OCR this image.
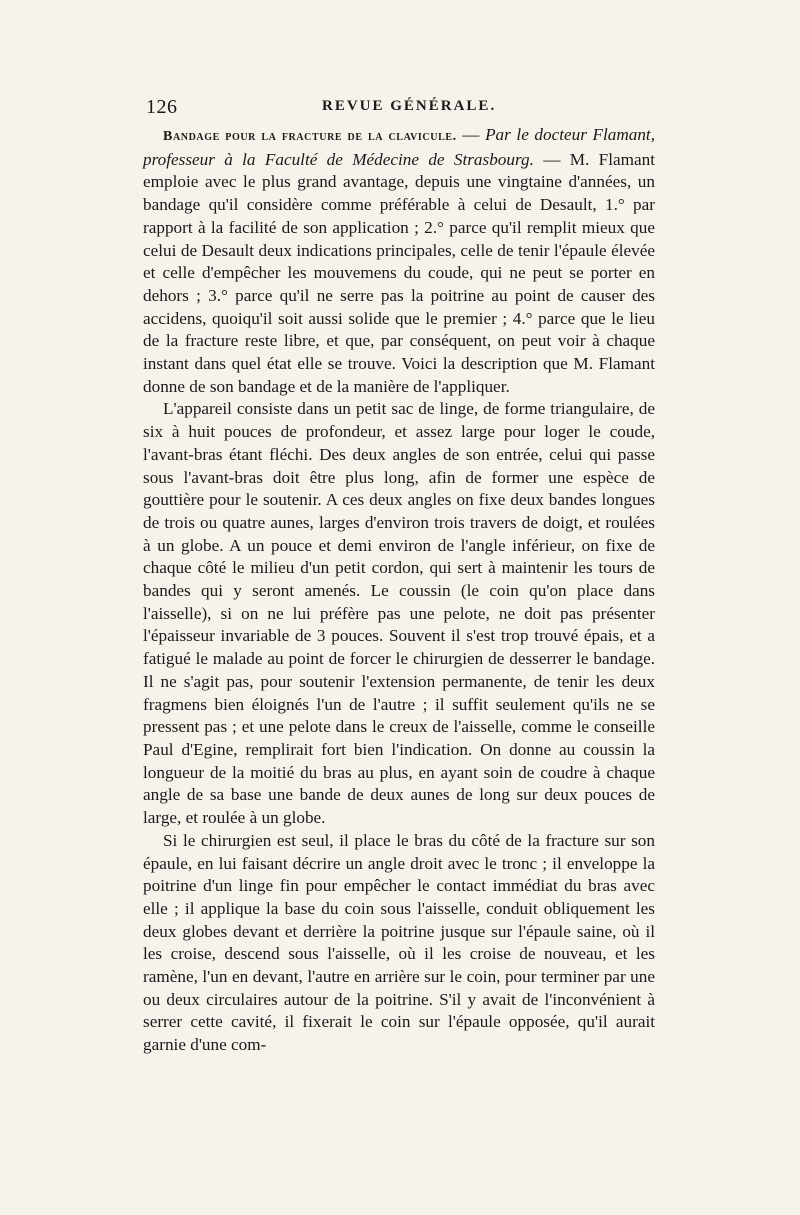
126	REVUE GÉNÉRALE.

Bandage pour la fracture de la clavicule. — Par le docteur Flamant, professeur à la Faculté de Médecine de Strasbourg. — M. Flamant emploie avec le plus grand avantage, depuis une vingtaine d'années, un bandage qu'il considère comme préférable à celui de Desault, 1.° par rapport à la facilité de son application ; 2.° parce qu'il remplit mieux que celui de Desault deux indications principales, celle de tenir l'épaule élevée et celle d'empêcher les mouvemens du coude, qui ne peut se porter en dehors ; 3.° parce qu'il ne serre pas la poitrine au point de causer des accidens, quoiqu'il soit aussi solide que le premier ; 4.° parce que le lieu de la fracture reste libre, et que, par conséquent, on peut voir à chaque instant dans quel état elle se trouve. Voici la description que M. Flamant donne de son bandage et de la manière de l'appliquer.

L'appareil consiste dans un petit sac de linge, de forme triangulaire, de six à huit pouces de profondeur, et assez large pour loger le coude, l'avant-bras étant fléchi. Des deux angles de son entrée, celui qui passe sous l'avant-bras doit être plus long, afin de former une espèce de gouttière pour le soutenir. A ces deux angles on fixe deux bandes longues de trois ou quatre aunes, larges d'environ trois travers de doigt, et roulées à un globe. A un pouce et demi environ de l'angle inférieur, on fixe de chaque côté le milieu d'un petit cordon, qui sert à maintenir les tours de bandes qui y seront amenés. Le coussin (le coin qu'on place dans l'aisselle), si on ne lui préfère pas une pelote, ne doit pas présenter l'épaisseur invariable de 3 pouces. Souvent il s'est trop trouvé épais, et a fatigué le malade au point de forcer le chirurgien de desserrer le bandage. Il ne s'agit pas, pour soutenir l'extension permanente, de tenir les deux fragmens bien éloignés l'un de l'autre ; il suffit seulement qu'ils ne se pressent pas ; et une pelote dans le creux de l'aisselle, comme le conseille Paul d'Egine, remplirait fort bien l'indication. On donne au coussin la longueur de la moitié du bras au plus, en ayant soin de coudre à chaque angle de sa base une bande de deux aunes de long sur deux pouces de large, et roulée à un globe.

Si le chirurgien est seul, il place le bras du côté de la fracture sur son épaule, en lui faisant décrire un angle droit avec le tronc ; il enveloppe la poitrine d'un linge fin pour empêcher le contact immédiat du bras avec elle ; il applique la base du coin sous l'aisselle, conduit obliquement les deux globes devant et derrière la poitrine jusque sur l'épaule saine, où il les croise, descend sous l'aisselle, où il les croise de nouveau, et les ramène, l'un en devant, l'autre en arrière sur le coin, pour terminer par une ou deux circulaires autour de la poitrine. S'il y avait de l'inconvénient à serrer cette cavité, il fixerait le coin sur l'épaule opposée, qu'il aurait garnie d'une com-
